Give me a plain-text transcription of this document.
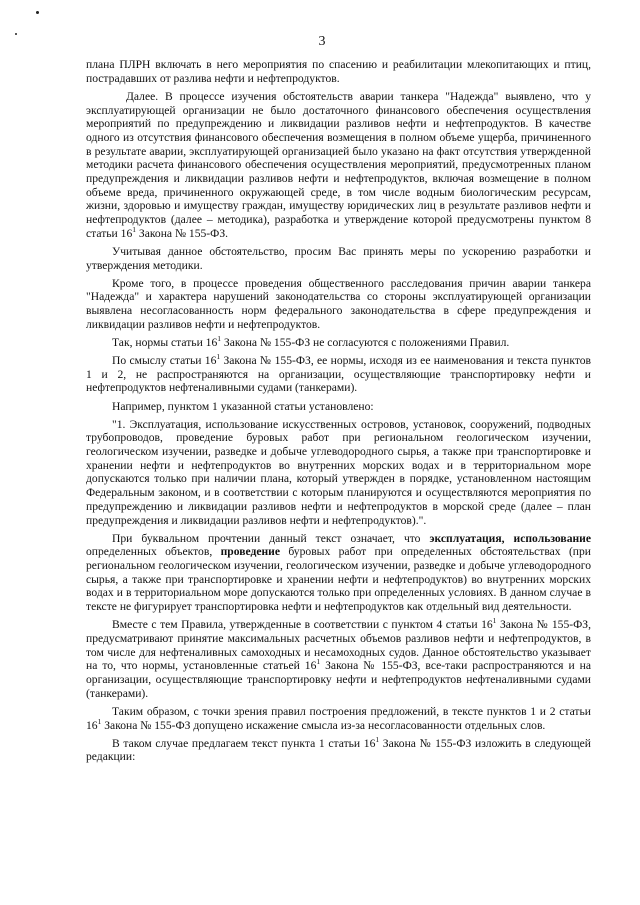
3

плана ПЛРН включать в него мероприятия по спасению и реабилитации млекопитающих и птиц, пострадавших от разлива нефти и нефтепродуктов.

Далее. В процессе изучения обстоятельств аварии танкера "Надежда" выявлено, что у эксплуатирующей организации не было достаточного финансового обеспечения осуществления мероприятий по предупреждению и ликвидации разливов нефти и нефтепродуктов. В качестве одного из отсутствия финансового обеспечения возмещения в полном объеме ущерба, причиненного в результате аварии, эксплуатирующей организацией было указано на факт отсутствия утвержденной методики расчета финансового обеспечения осуществления мероприятий, предусмотренных планом предупреждения и ликвидации разливов нефти и нефтепродуктов, включая возмещение в полном объеме вреда, причиненного окружающей среде, в том числе водным биологическим ресурсам, жизни, здоровью и имуществу граждан, имуществу юридических лиц в результате разливов нефти и нефтепродуктов (далее – методика), разработка и утверждение которой предусмотрены пунктом 8 статьи $16^1$ Закона № 155-ФЗ.

Учитывая данное обстоятельство, просим Вас принять меры по ускорению разработки и утверждения методики.

Кроме того, в процессе проведения общественного расследования причин аварии танкера "Надежда" и характера нарушений законодательства со стороны эксплуатирующей организации выявлена несогласованность норм федерального законодательства в сфере предупреждения и ликвидации разливов нефти и нефтепродуктов.

Так, нормы статьи $16^1$ Закона № 155-ФЗ не согласуются с положениями Правил.

По смыслу статьи $16^1$ Закона № 155-ФЗ, ее нормы, исходя из ее наименования и текста пунктов 1 и 2, не распространяются на организации, осуществляющие транспортировку нефти и нефтепродуктов нефтеналивными судами (танкерами).

Например, пунктом 1 указанной статьи установлено:

"1. Эксплуатация, использование искусственных островов, установок, сооружений, подводных трубопроводов, проведение буровых работ при региональном геологическом изучении, геологическом изучении, разведке и добыче углеводородного сырья, а также при транспортировке и хранении нефти и нефтепродуктов во внутренних морских водах и в территориальном море допускаются только при наличии плана, который утвержден в порядке, установленном настоящим Федеральным законом, и в соответствии с которым планируются и осуществляются мероприятия по предупреждению и ликвидации разливов нефти и нефтепродуктов в морской среде (далее – план предупреждения и ликвидации разливов нефти и нефтепродуктов).".

При буквальном прочтении данный текст означает, что эксплуатация, использование определенных объектов, проведение буровых работ при определенных обстоятельствах (при региональном геологическом изучении, геологическом изучении, разведке и добыче углеводородного сырья, а также при транспортировке и хранении нефти и нефтепродуктов) во внутренних морских водах и в территориальном море допускаются только при определенных условиях. В данном случае в тексте не фигурирует транспортировка нефти и нефтепродуктов как отдельный вид деятельности.

Вместе с тем Правила, утвержденные в соответствии с пунктом 4 статьи $16^1$ Закона № 155-ФЗ, предусматривают принятие максимальных расчетных объемов разливов нефти и нефтепродуктов, в том числе для нефтеналивных самоходных и несамоходных судов. Данное обстоятельство указывает на то, что нормы, установленные статьей $16^1$ Закона № 155-ФЗ, все-таки распространяются и на организации, осуществляющие транспортировку нефти и нефтепродуктов нефтеналивными судами (танкерами).

Таким образом, с точки зрения правил построения предложений, в тексте пунктов 1 и 2 статьи $16^1$ Закона № 155-ФЗ допущено искажение смысла из-за несогласованности отдельных слов.

В таком случае предлагаем текст пункта 1 статьи $16^1$ Закона № 155-ФЗ изложить в следующей редакции:
